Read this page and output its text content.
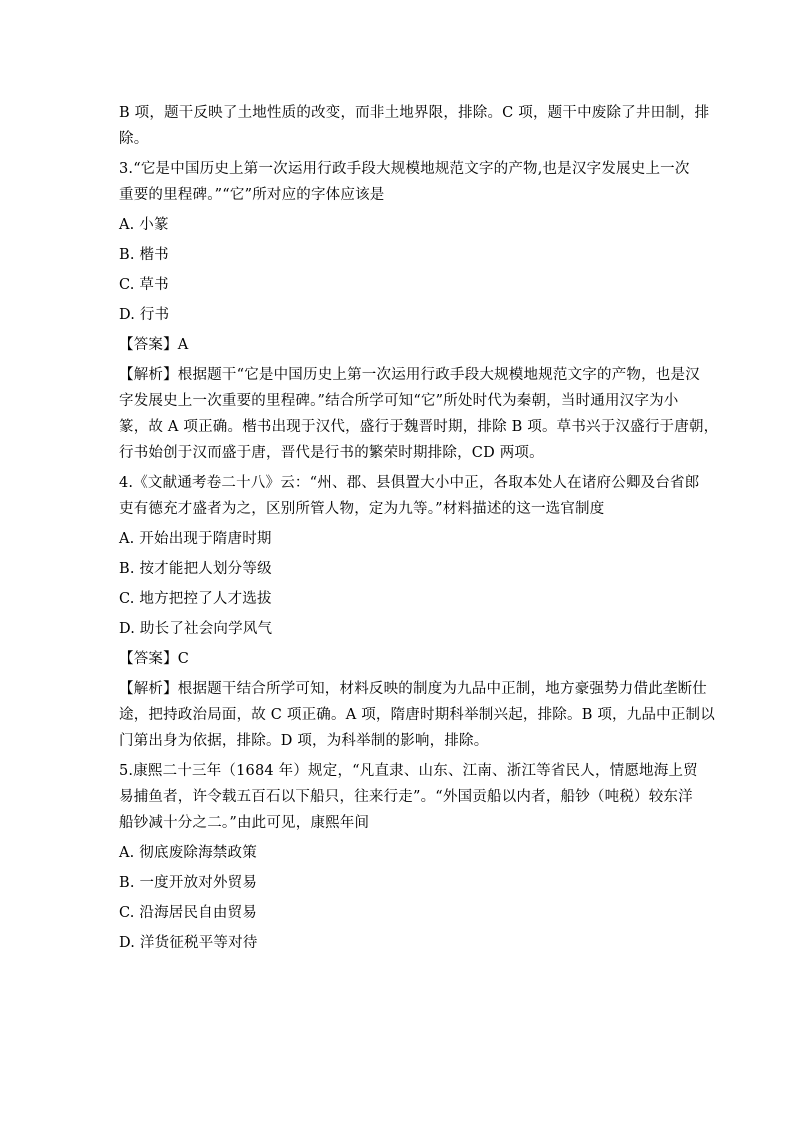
B 项，题干反映了土地性质的改变，而非土地界限，排除。C 项，题干中废除了井田制，排
除。
3.“它是中国历史上第一次运用行政手段大规模地规范文字的产物,也是汉字发展史上一次
重要的里程碑。”“它”所对应的字体应该是
A. 小篆
B. 楷书
C. 草书
D. 行书
【答案】A
【解析】根据题干“它是中国历史上第一次运用行政手段大规模地规范文字的产物，也是汉
字发展史上一次重要的里程碑。”结合所学可知“它”所处时代为秦朝，当时通用汉字为小
篆，故 A 项正确。楷书出现于汉代，盛行于魏晋时期，排除 B 项。草书兴于汉盛行于唐朝，
行书始创于汉而盛于唐，晋代是行书的繁荣时期排除，CD 两项。
4.《文献通考卷二十八》云：“州、郡、县俱置大小中正，各取本处人在诸府公卿及台省郎
吏有德充才盛者为之，区别所管人物，定为九等。”材料描述的这一选官制度
A. 开始出现于隋唐时期
B. 按才能把人划分等级
C. 地方把控了人才选拔
D. 助长了社会向学风气
【答案】C
【解析】根据题干结合所学可知，材料反映的制度为九品中正制，地方豪强势力借此垄断仕
途，把持政治局面，故 C 项正确。A 项，隋唐时期科举制兴起，排除。B 项，九品中正制以
门第出身为依据，排除。D 项，为科举制的影响，排除。
5.康熙二十三年（1684 年）规定，“凡直隶、山东、江南、浙江等省民人，情愿地海上贸
易捕鱼者，许令载五百石以下船只，往来行走”。“外国贡船以内者，船钞（吨税）较东洋
船钞减十分之二。”由此可见，康熙年间
A. 彻底废除海禁政策
B. 一度开放对外贸易
C. 沿海居民自由贸易
D. 洋货征税平等对待
